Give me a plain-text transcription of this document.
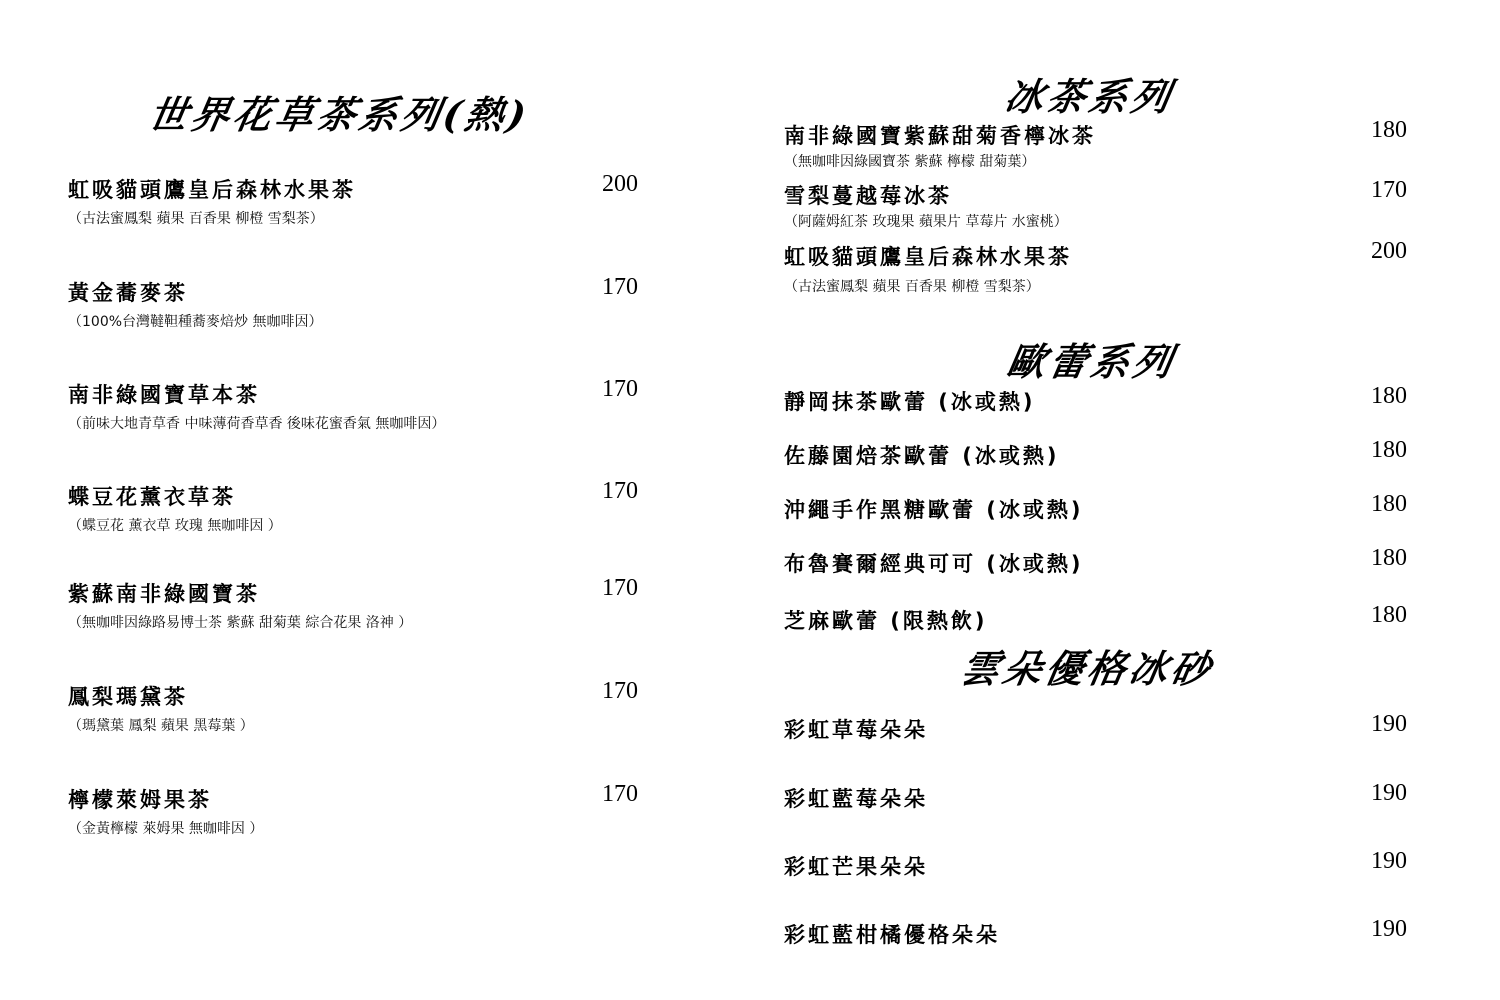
世界花草茶系列(熱)
虹吸貓頭鷹皇后森林水果茶	200
（古法蜜鳳梨 蘋果 百香果 柳橙 雪梨茶）
黃金蕎麥茶	170
（100%台灣韃靼種蕎麥焙炒 無咖啡因）
南非綠國寶草本茶	170
（前味大地青草香 中味薄荷香草香 後味花蜜香氣 無咖啡因）
蝶豆花薰衣草茶	170
（蝶豆花 薰衣草 玫瑰 無咖啡因 ）
紫蘇南非綠國寶茶	170
（無咖啡因綠路易博士茶 紫蘇 甜菊葉 綜合花果 洛神 ）
鳳梨瑪黛茶	170
（瑪黛葉 鳳梨 蘋果 黑莓葉 ）
檸檬萊姆果茶	170
（金黃檸檬 萊姆果 無咖啡因 ）
冰茶系列
南非綠國寶紫蘇甜菊香檸冰茶	180
（無咖啡因綠國寶茶 紫蘇 檸檬 甜菊葉）
雪梨蔓越莓冰茶	170
（阿薩姆紅茶 玫瑰果 蘋果片 草莓片 水蜜桃）
虹吸貓頭鷹皇后森林水果茶	200
（古法蜜鳳梨 蘋果 百香果 柳橙 雪梨茶）
歐蕾系列
靜岡抹茶歐蕾 (冰或熱)	180
佐藤園焙茶歐蕾 (冰或熱)	180
沖繩手作黑糖歐蕾 (冰或熱)	180
布魯賽爾經典可可 (冰或熱)	180
芝麻歐蕾 (限熱飲)	180
雲朵優格冰砂
彩虹草莓朵朵	190
彩虹藍莓朵朵	190
彩虹芒果朵朵	190
彩虹藍柑橘優格朵朵	190
